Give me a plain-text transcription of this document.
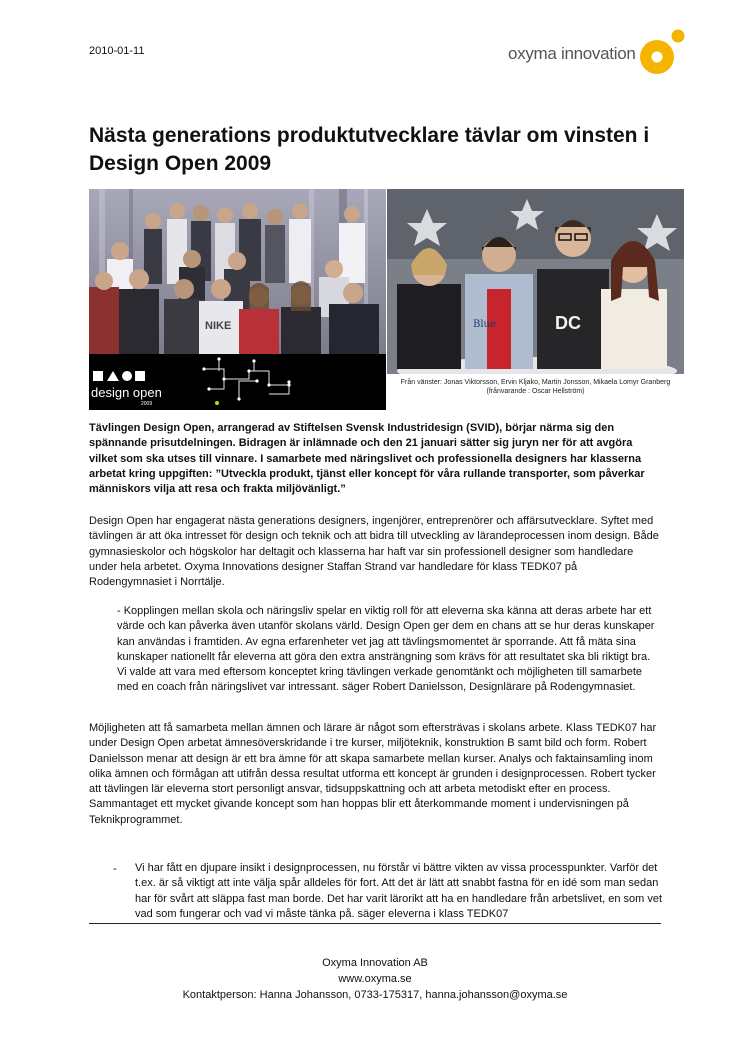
2010-01-11	oxyma innovation
Nästa generations produktutvecklare tävlar om vinsten i Design Open 2009
NIKE
design open
2009
Blue	DC
Från vänster: Jonas Viktorsson, Ervin Kljako, Martin Jonsson, Mikaela Lomyr Granberg
(frånvarande : Oscar Hellström)

Tävlingen Design Open, arrangerad av Stiftelsen Svensk Industridesign (SVID), börjar närma sig den spännande prisutdelningen. Bidragen är inlämnade och den 21 januari sätter sig juryn ner för att avgöra vilket som ska utses till vinnare. I samarbete med näringslivet och professionella designers har klasserna arbetat kring uppgiften: ”Utveckla produkt, tjänst eller koncept för våra rullande transporter, som påverkar människors vilja att resa och frakta miljövänligt.”

Design Open har engagerat nästa generations designers, ingenjörer, entreprenörer och affärsutvecklare. Syftet med tävlingen är att öka intresset för design och teknik och att bidra till utveckling av lärandeprocessen inom design. Både gymnasieskolor och högskolor har deltagit och klasserna har haft var sin professionell designer som handledare under hela arbetet. Oxyma Innovations designer Staffan Strand var handledare för klass TEDK07 på Rodengymnasiet i Norrtälje.

- Kopplingen mellan skola och näringsliv spelar en viktig roll för att eleverna ska känna att deras arbete har ett värde och kan påverka även utanför skolans värld. Design Open ger dem en chans att se hur deras kunskaper kan användas i framtiden. Av egna erfarenheter vet jag att tävlingsmomentet är sporrande. Att få mäta sina kunskaper nationellt får eleverna att göra den extra ansträngning som krävs för att resultatet ska bli riktigt bra. Vi valde att vara med eftersom konceptet kring tävlingen verkade genomtänkt och möjligheten till samarbete med en coach från näringslivet var intressant. säger Robert Danielsson, Designlärare på Rodengymnasiet.

Möjligheten att få samarbeta mellan ämnen och lärare är något som eftersträvas i skolans arbete. Klass TEDK07 har under Design Open arbetat ämnesöverskridande i tre kurser, miljöteknik, konstruktion B samt bild och form. Robert Danielsson menar att design är ett bra ämne för att skapa samarbete mellan kurser. Analys och faktainsamling inom olika ämnen och förmågan att utifrån dessa resultat utforma ett koncept är grunden i designprocessen. Robert tycker att tävlingen lär eleverna stort personligt ansvar, tidsuppskattning och att arbeta metodiskt efter en process. Sammantaget ett mycket givande koncept som han hoppas blir ett återkommande moment i undervisningen på Teknikprogrammet.

- Vi har fått en djupare insikt i designprocessen, nu förstår vi bättre vikten av vissa processpunkter. Varför det t.ex. är så viktigt att inte välja spår alldeles för fort. Att det är lätt att snabbt fastna för en idé som man sedan har för svårt att släppa fast man borde. Det har varit lärorikt att ha en handledare från arbetslivet, en som vet vad som fungerar och vad vi måste tänka på. säger eleverna i klass TEDK07

Oxyma Innovation AB
www.oxyma.se
Kontaktperson: Hanna Johansson, 0733-175317, hanna.johansson@oxyma.se
